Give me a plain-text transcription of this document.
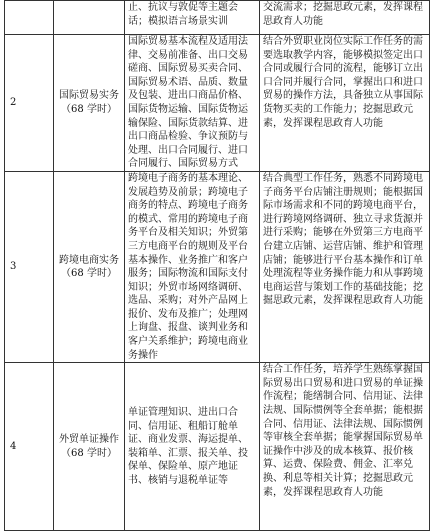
		止、抗议与敦促等主题会话；模拟语言场景实训	交流需求；挖掘思政元素，发挥课程思政育人功能
2	国际贸易实务
（68 学时）	国际贸易基本流程及适用法律、交易前准备、出口交易磋商、国际贸易买卖合同、国际贸易术语、品质、数量及包装、进出口商品价格、国际货物运输、国际货物运输保险、国际货款结算、进出口商品检验、争议预防与处理、出口合同履行、进口合同履行、国际贸易方式	结合外贸职业岗位实际工作任务的需要选取教学内容，能够模拟签定出口合同或履行合同的流程，能够订立出口合同并履行合同，掌握出口和进口贸易的操作方法，具备独立从事国际货物买卖的工作能力；挖掘思政元素，发挥课程思政育人功能
3	跨境电商实务
（68 学时）	跨境电子商务的基本理论、发展趋势及前景；跨境电子商务的特点、跨境电子商务的模式、常用的跨境电子商务平台及相关知识；外贸第三方电商平台的规则及平台基本操作、业务推广和客户服务；国际物流和国际支付知识；外贸市场网络调研、选品、采购；对外产品网上报价、发布及推广；处理网上询盘、报盘、谈判业务和客户关系维护；跨境电商业务操作	结合典型工作任务，熟悉不同跨境电子商务平台店铺注册规则；能根据国际市场需求和不同的跨境电商平台，进行跨境网络调研、独立寻求货源并进行采购；能够在外贸第三方电商平台建立店铺、运营店铺、维护和管理店铺；能够进行平台基本操作和订单处理流程等业务操作能力和从事跨境电商运营与策划工作的基础技能；挖掘思政元素，发挥课程思政育人功能
4	外贸单证操作
（68 学时）	单证管理知识、进出口合同、信用证、租船订舱单证、商业发票、海运提单、装箱单、汇票、报关单、投保单、保险单、原产地证书、核销与退税单证等	结合工作任务，培养学生熟练掌握国际贸易出口贸易和进口贸易的单证操作流程；能缮制合同、信用证、法律法规、国际惯例等全套单据；能根据合同、信用证、法律法规、国际惯例等审核全套单据；能掌握国际贸易单证操作中涉及的成本核算、报价核算、运费、保险费、佣金、汇率兑换、利息等相关计算；挖掘思政元素，发挥课程思政育人功能
